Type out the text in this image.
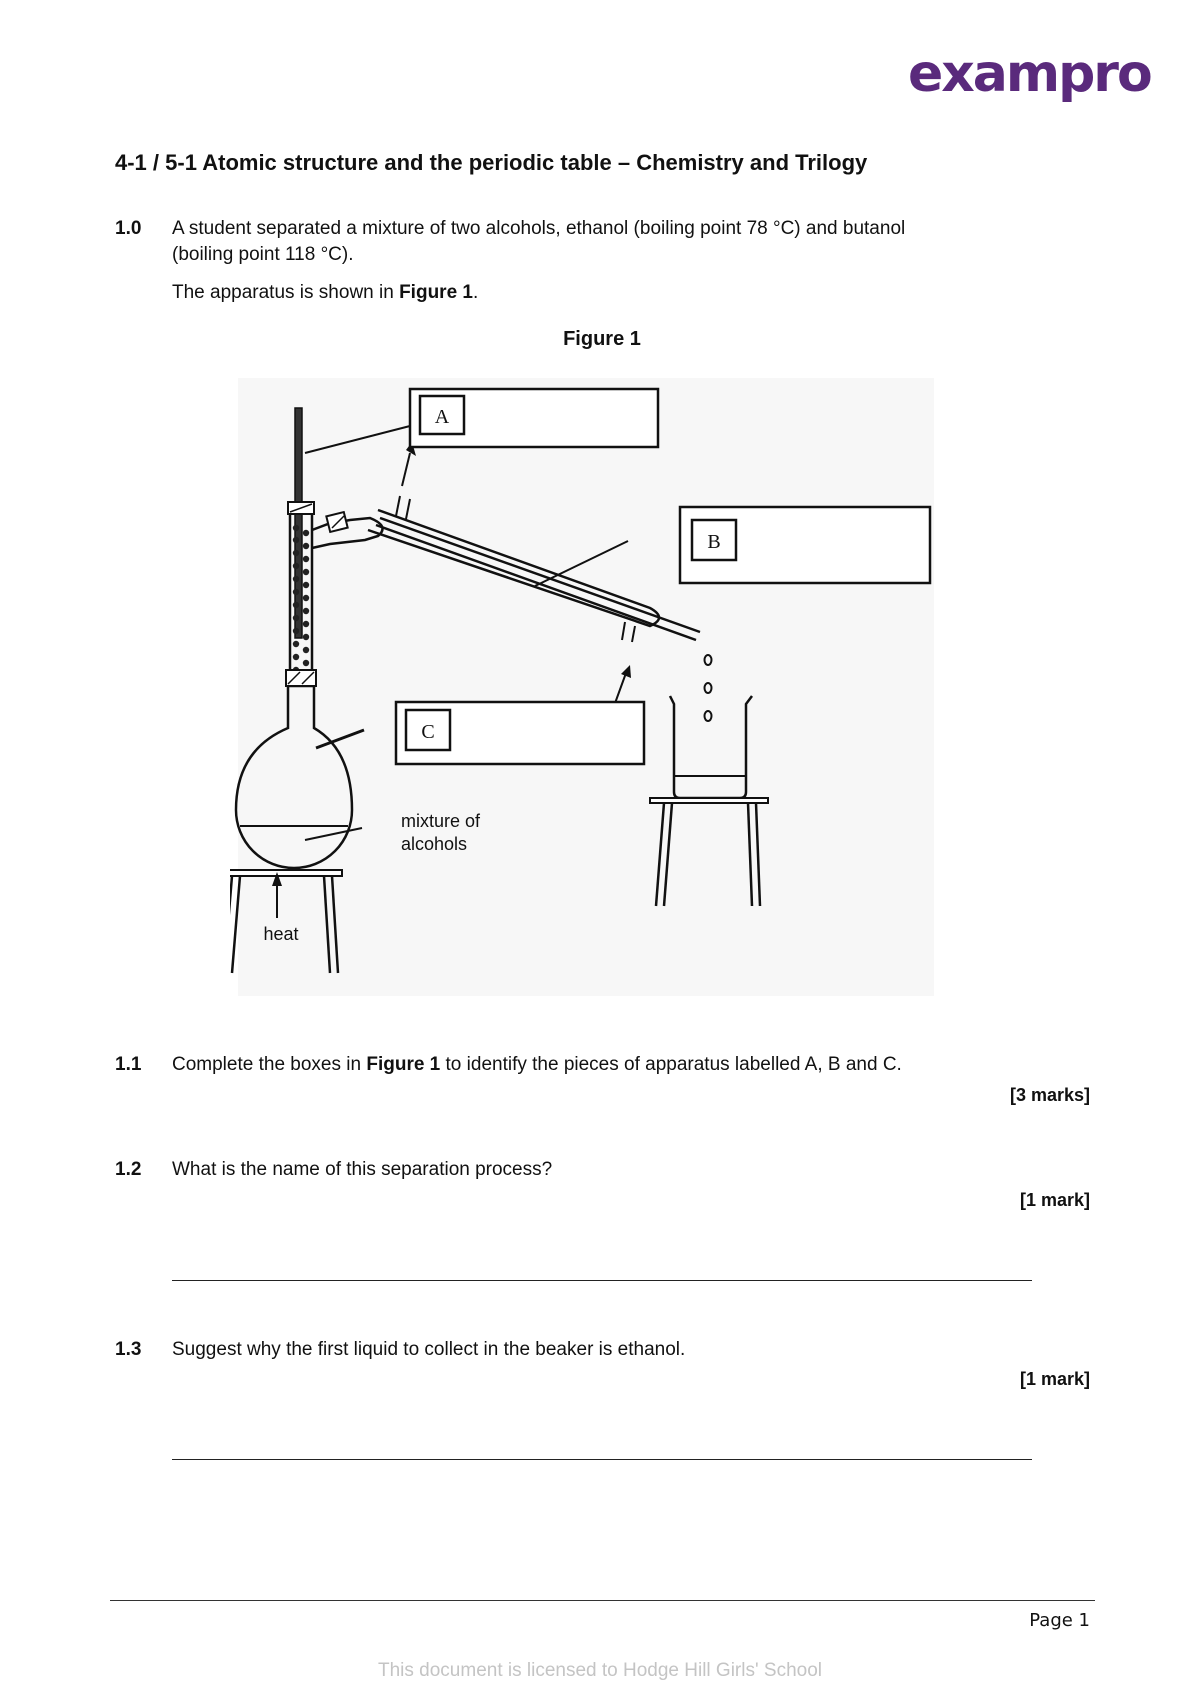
exampro
4-1 / 5-1 Atomic structure and the periodic table – Chemistry and Trilogy
1.0 A student separated a mixture of two alcohols, ethanol (boiling point 78 °C) and butanol
(boiling point 118 °C).
The apparatus is shown in Figure 1.
Figure 1
A
B
C
mixture of
alcohols
heat
1.1 Complete the boxes in Figure 1 to identify the pieces of apparatus labelled A, B and C.
[3 marks]
1.2 What is the name of this separation process?
[1 mark]
1.3 Suggest why the first liquid to collect in the beaker is ethanol.
[1 mark]
Page 1
This document is licensed to Hodge Hill Girls' School
